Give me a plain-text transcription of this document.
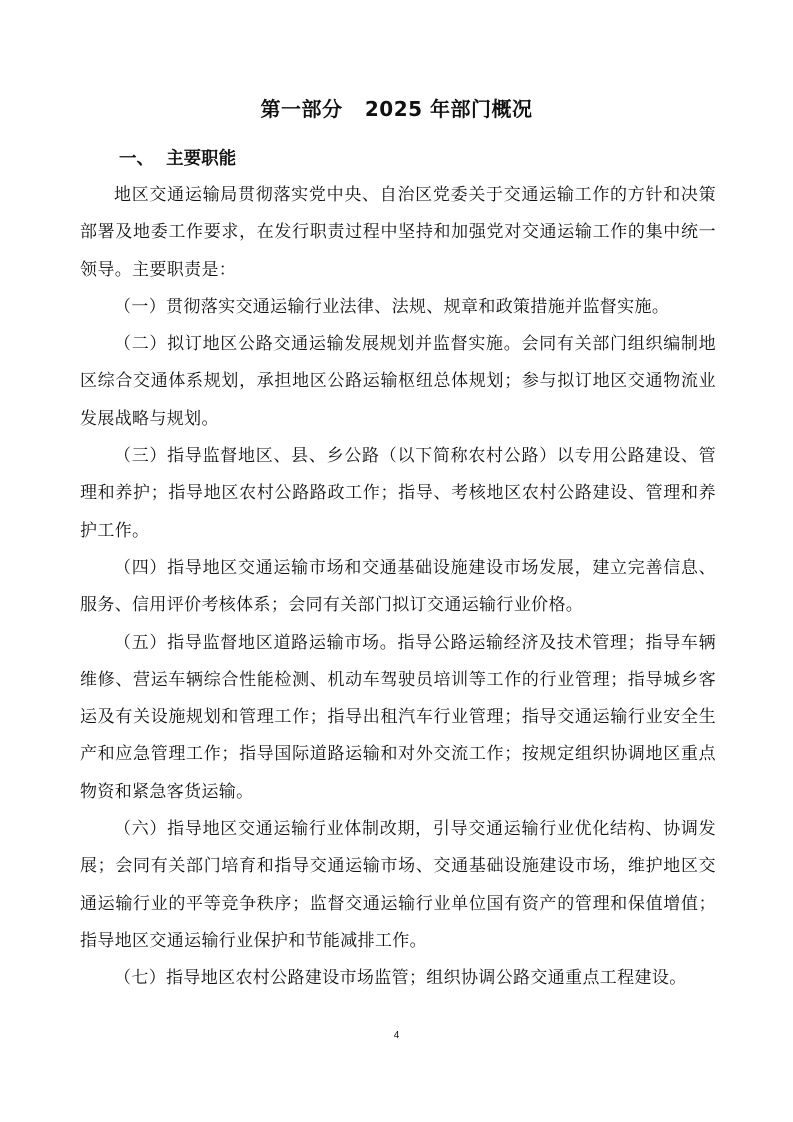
第一部分   2025 年部门概况
一、  主要职能

地区交通运输局贯彻落实党中央、自治区党委关于交通运输工作的方针和决策部署及地委工作要求，在发行职责过程中坚持和加强党对交通运输工作的集中统一领导。主要职责是：

（一）贯彻落实交通运输行业法律、法规、规章和政策措施并监督实施。

（二）拟订地区公路交通运输发展规划并监督实施。会同有关部门组织编制地区综合交通体系规划，承担地区公路运输枢纽总体规划；参与拟订地区交通物流业发展战略与规划。

（三）指导监督地区、县、乡公路（以下简称农村公路）以专用公路建设、管理和养护；指导地区农村公路路政工作；指导、考核地区农村公路建设、管理和养护工作。

（四）指导地区交通运输市场和交通基础设施建设市场发展，建立完善信息、服务、信用评价考核体系；会同有关部门拟订交通运输行业价格。

（五）指导监督地区道路运输市场。指导公路运输经济及技术管理；指导车辆维修、营运车辆综合性能检测、机动车驾驶员培训等工作的行业管理；指导城乡客运及有关设施规划和管理工作；指导出租汽车行业管理；指导交通运输行业安全生产和应急管理工作；指导国际道路运输和对外交流工作；按规定组织协调地区重点物资和紧急客货运输。

（六）指导地区交通运输行业体制改期，引导交通运输行业优化结构、协调发展；会同有关部门培育和指导交通运输市场、交通基础设施建设市场，维护地区交通运输行业的平等竞争秩序；监督交通运输行业单位国有资产的管理和保值增值；指导地区交通运输行业保护和节能减排工作。

（七）指导地区农村公路建设市场监管；组织协调公路交通重点工程建设。

4
